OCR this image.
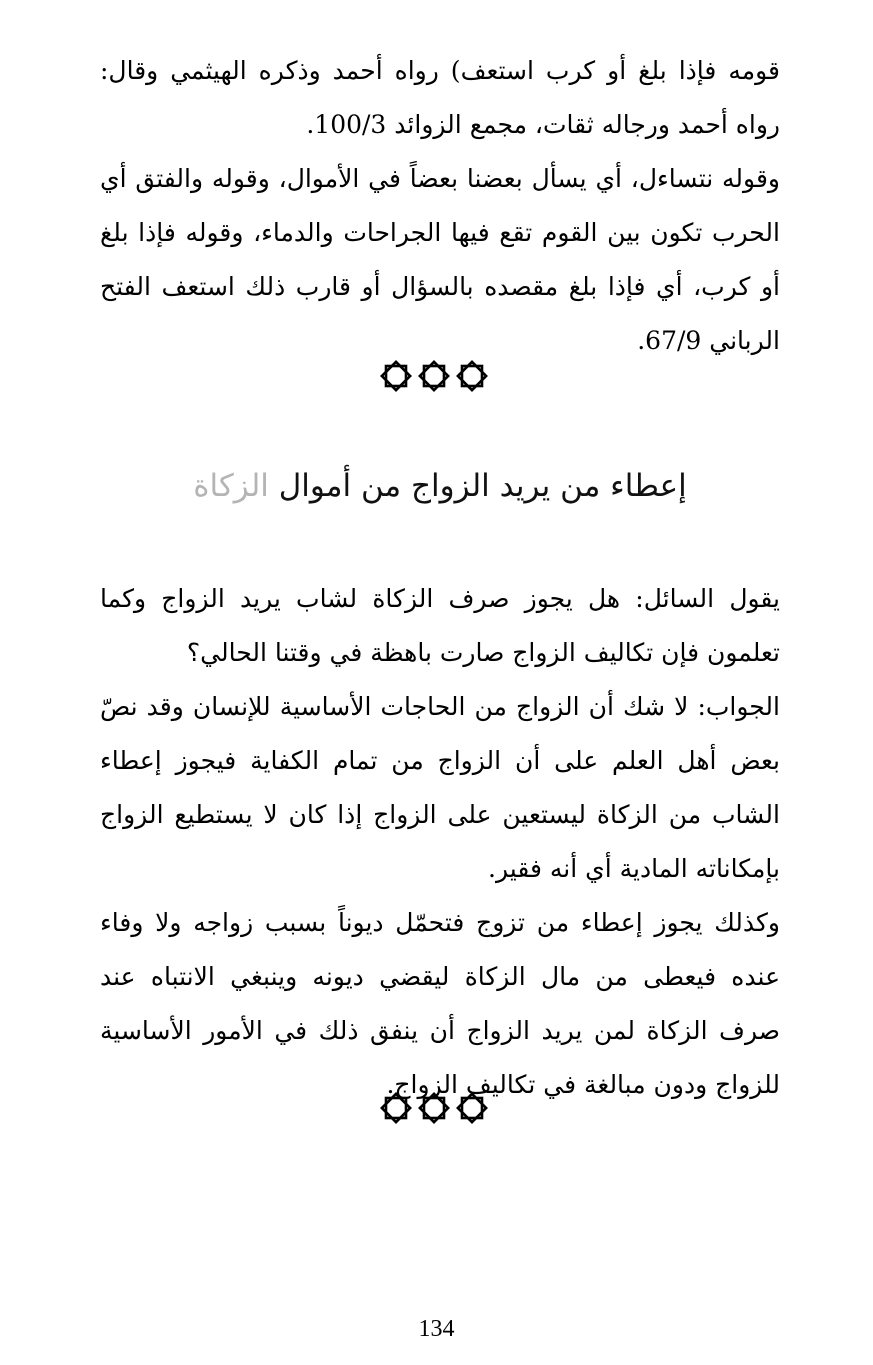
قومه فإذا بلغ أو كرب استعف) رواه أحمد وذكره الهيثمي وقال: رواه أحمد ورجاله ثقات، مجمع الزوائد 100/3.

وقوله نتساءل، أي يسأل بعضنا بعضاً في الأموال، وقوله والفتق أي الحرب تكون بين القوم تقع فيها الجراحات والدماء، وقوله فإذا بلغ أو كرب، أي فإذا بلغ مقصده بالسؤال أو قارب ذلك استعف الفتح الرباني 67/9.

إعطاء من يريد الزواج من أموال الزكاة

يقول السائل: هل يجوز صرف الزكاة لشاب يريد الزواج وكما تعلمون فإن تكاليف الزواج صارت باهظة في وقتنا الحالي؟

الجواب: لا شك أن الزواج من الحاجات الأساسية للإنسان وقد نصّ بعض أهل العلم على أن الزواج من تمام الكفاية فيجوز إعطاء الشاب من الزكاة ليستعين على الزواج إذا كان لا يستطيع الزواج بإمكاناته المادية أي أنه فقير.

وكذلك يجوز إعطاء من تزوج فتحمّل ديوناً بسبب زواجه ولا وفاء عنده فيعطى من مال الزكاة ليقضي ديونه وينبغي الانتباه عند صرف الزكاة لمن يريد الزواج أن ينفق ذلك في الأمور الأساسية للزواج ودون مبالغة في تكاليف الزواج.

134
